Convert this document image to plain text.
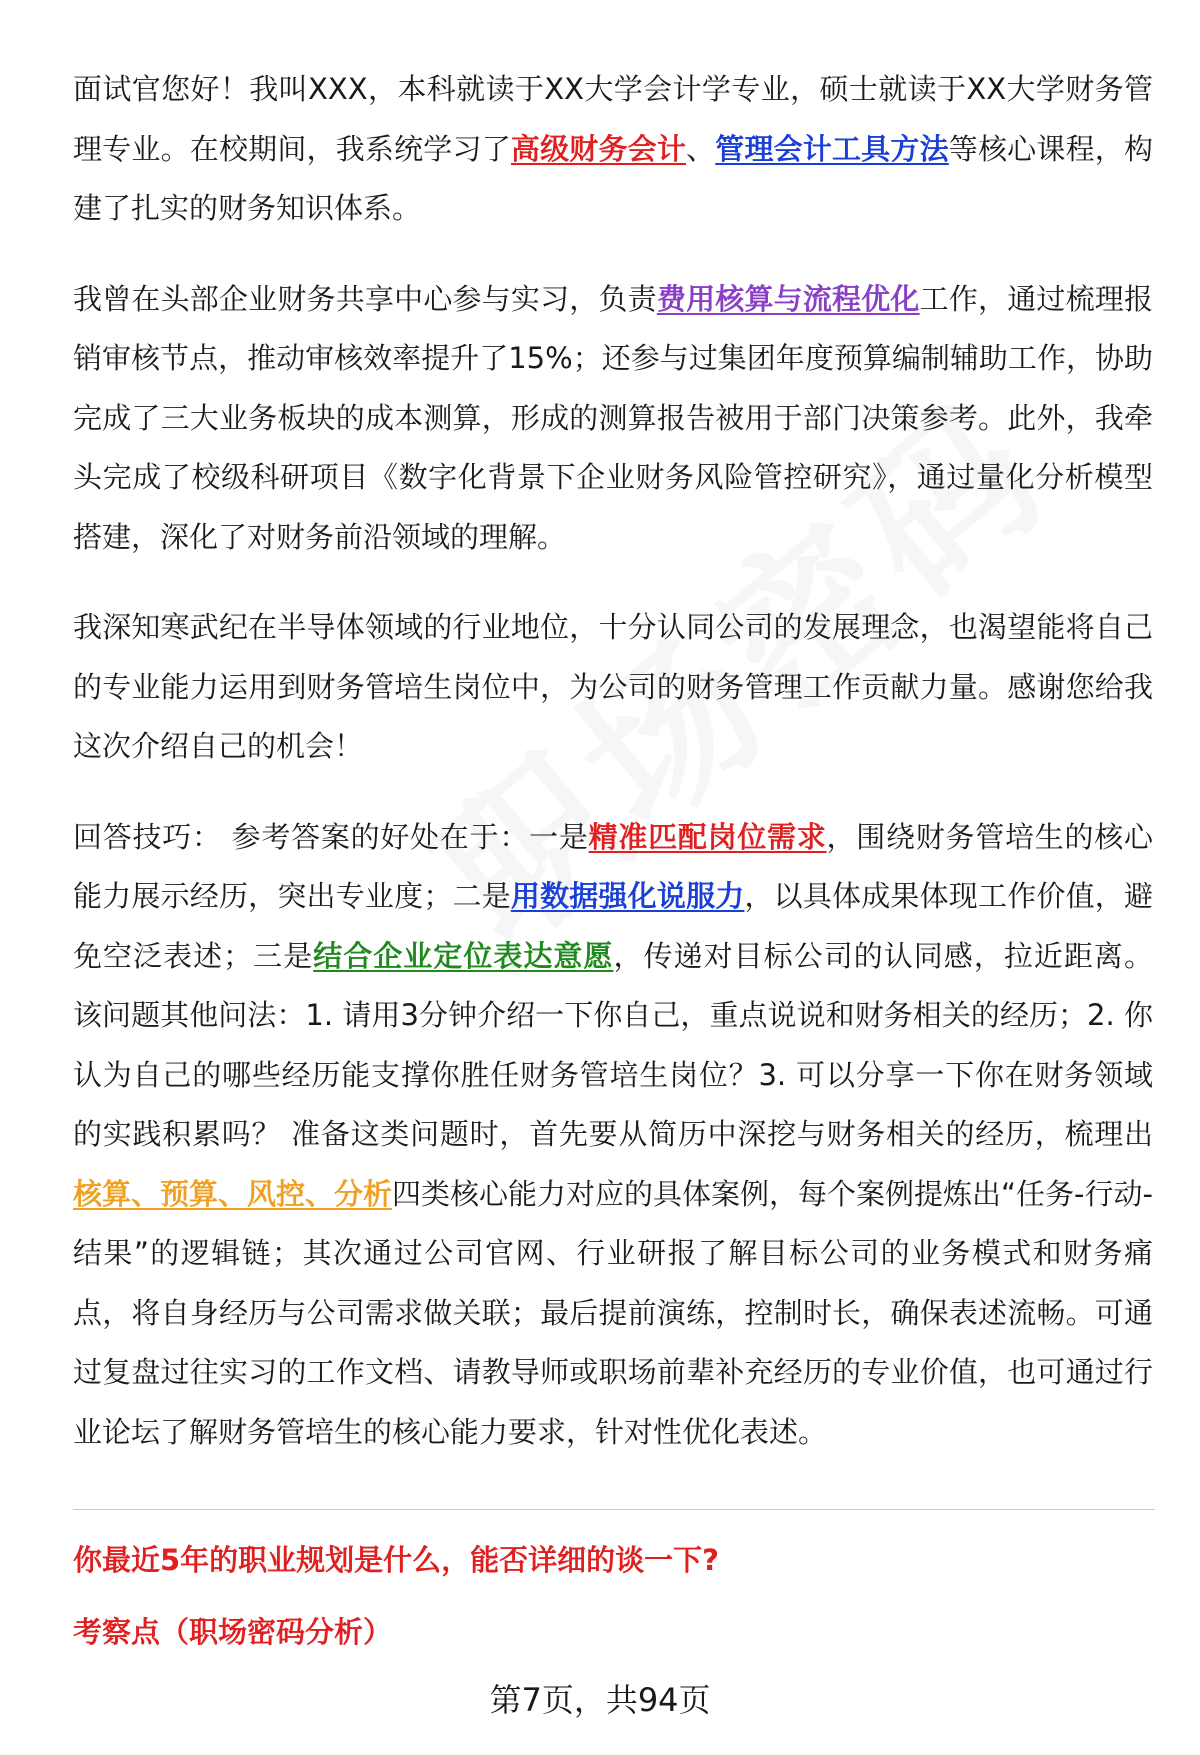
面试官您好！我叫XXX，本科就读于XX大学会计学专业，硕士就读于XX大学财务管理专业。在校期间，我系统学习了高级财务会计、管理会计工具方法等核心课程，构建了扎实的财务知识体系。

我曾在头部企业财务共享中心参与实习，负责费用核算与流程优化工作，通过梳理报销审核节点，推动审核效率提升了15%；还参与过集团年度预算编制辅助工作，协助完成了三大业务板块的成本测算，形成的测算报告被用于部门决策参考。此外，我牵头完成了校级科研项目《数字化背景下企业财务风险管控研究》，通过量化分析模型搭建，深化了对财务前沿领域的理解。

我深知寒武纪在半导体领域的行业地位，十分认同公司的发展理念，也渴望能将自己的专业能力运用到财务管培生岗位中，为公司的财务管理工作贡献力量。感谢您给我这次介绍自己的机会！

回答技巧： 参考答案的好处在于：一是精准匹配岗位需求，围绕财务管培生的核心能力展示经历，突出专业度；二是用数据强化说服力，以具体成果体现工作价值，避免空泛表述；三是结合企业定位表达意愿，传递对目标公司的认同感，拉近距离。 该问题其他问法：1. 请用3分钟介绍一下你自己，重点说说和财务相关的经历；2. 你认为自己的哪些经历能支撑你胜任财务管培生岗位？3. 可以分享一下你在财务领域的实践积累吗？ 准备这类问题时，首先要从简历中深挖与财务相关的经历，梳理出核算、预算、风控、分析四类核心能力对应的具体案例，每个案例提炼出“任务-行动-结果”的逻辑链；其次通过公司官网、行业研报了解目标公司的业务模式和财务痛点，将自身经历与公司需求做关联；最后提前演练，控制时长，确保表述流畅。可通过复盘过往实习的工作文档、请教导师或职场前辈补充经历的专业价值，也可通过行业论坛了解财务管培生的核心能力要求，针对性优化表述。

你最近5年的职业规划是什么，能否详细的谈一下?

考察点（职场密码分析）

第7页，共94页
